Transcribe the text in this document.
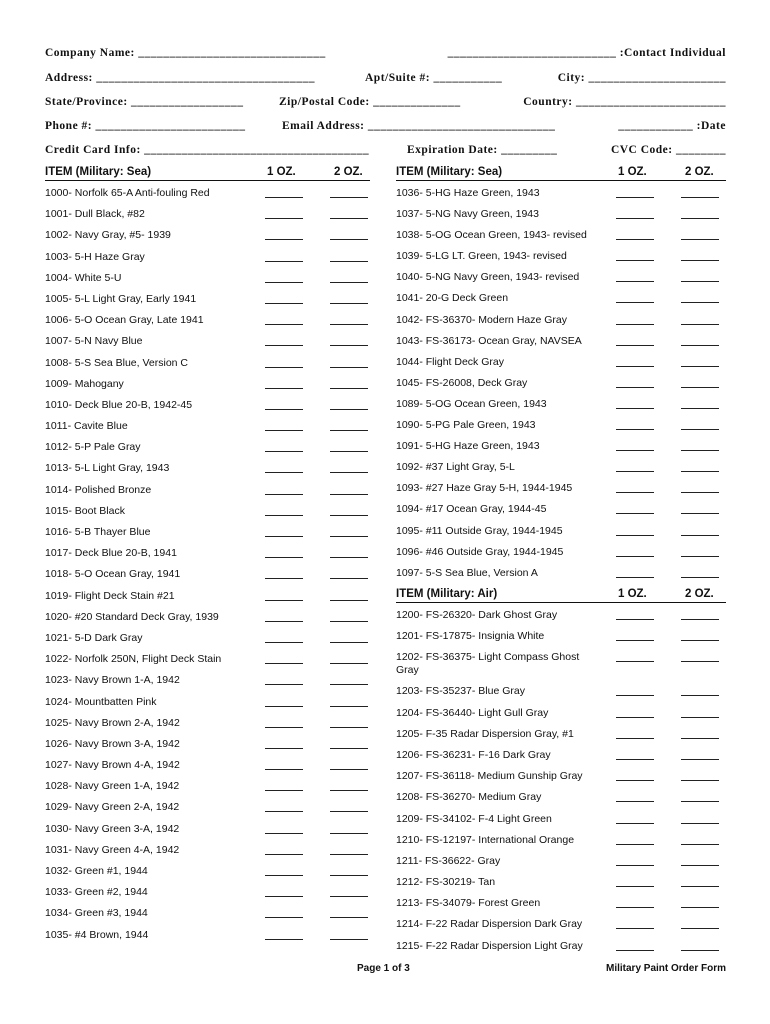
Company Name: ______________________________	___________________________ :Contact Individual
Address: ___________________________________	Apt/Suite #: ___________	City: ______________________
State/Province: __________________	Zip/Postal Code: ______________	Country: ________________________
Phone #: ________________________	Email Address: ______________________________	____________ :Date
Credit Card Info: ____________________________________	Expiration Date: _________	CVC Code: ________
ITEM (Military: Sea)	1 OZ.	2 OZ.
1000- Norfolk 65-A Anti-fouling Red
1001- Dull Black, #82
1002- Navy Gray, #5- 1939
1003- 5-H Haze Gray
1004- White 5-U
1005- 5-L Light Gray, Early 1941
1006- 5-O Ocean Gray, Late 1941
1007- 5-N Navy Blue
1008- 5-S Sea Blue, Version C
1009- Mahogany
1010- Deck Blue 20-B, 1942-45
1011- Cavite Blue
1012- 5-P Pale Gray
1013- 5-L Light Gray, 1943
1014- Polished Bronze
1015- Boot Black
1016- 5-B Thayer Blue
1017- Deck Blue 20-B, 1941
1018- 5-O Ocean Gray, 1941
1019- Flight Deck Stain #21
1020- #20 Standard Deck Gray, 1939
1021- 5-D Dark Gray
1022- Norfolk 250N, Flight Deck Stain
1023- Navy Brown 1-A, 1942
1024- Mountbatten Pink
1025- Navy Brown 2-A, 1942
1026- Navy Brown 3-A, 1942
1027- Navy Brown 4-A, 1942
1028- Navy Green 1-A, 1942
1029- Navy Green 2-A, 1942
1030- Navy Green 3-A, 1942
1031- Navy Green 4-A, 1942
1032- Green #1, 1944
1033- Green #2, 1944
1034- Green #3, 1944
1035- #4 Brown, 1944
ITEM (Military: Sea)	1 OZ.	2 OZ.
1036- 5-HG Haze Green, 1943
1037- 5-NG Navy Green, 1943
1038- 5-OG Ocean Green, 1943- revised
1039- 5-LG LT. Green, 1943- revised
1040- 5-NG Navy Green, 1943- revised
1041- 20-G Deck Green
1042- FS-36370- Modern Haze Gray
1043- FS-36173- Ocean Gray, NAVSEA
1044- Flight Deck Gray
1045- FS-26008, Deck Gray
1089- 5-OG Ocean Green, 1943
1090- 5-PG Pale Green, 1943
1091- 5-HG Haze Green, 1943
1092- #37 Light Gray, 5-L
1093- #27 Haze Gray 5-H, 1944-1945
1094- #17 Ocean Gray, 1944-45
1095- #11 Outside Gray, 1944-1945
1096- #46 Outside Gray, 1944-1945
1097- 5-S Sea Blue, Version A
ITEM (Military: Air)	1 OZ.	2 OZ.
1200- FS-26320- Dark Ghost Gray
1201- FS-17875- Insignia White
1202- FS-36375- Light Compass Ghost Gray
1203- FS-35237- Blue Gray
1204- FS-36440- Light Gull Gray
1205- F-35 Radar Dispersion Gray, #1
1206- FS-36231- F-16 Dark Gray
1207- FS-36118- Medium Gunship Gray
1208- FS-36270- Medium Gray
1209- FS-34102- F-4 Light Green
1210- FS-12197- International Orange
1211- FS-36622- Gray
1212- FS-30219- Tan
1213- FS-34079- Forest Green
1214- F-22 Radar Dispersion Dark Gray
1215- F-22 Radar Dispersion Light Gray
Page 1 of 3	Military Paint Order Form
